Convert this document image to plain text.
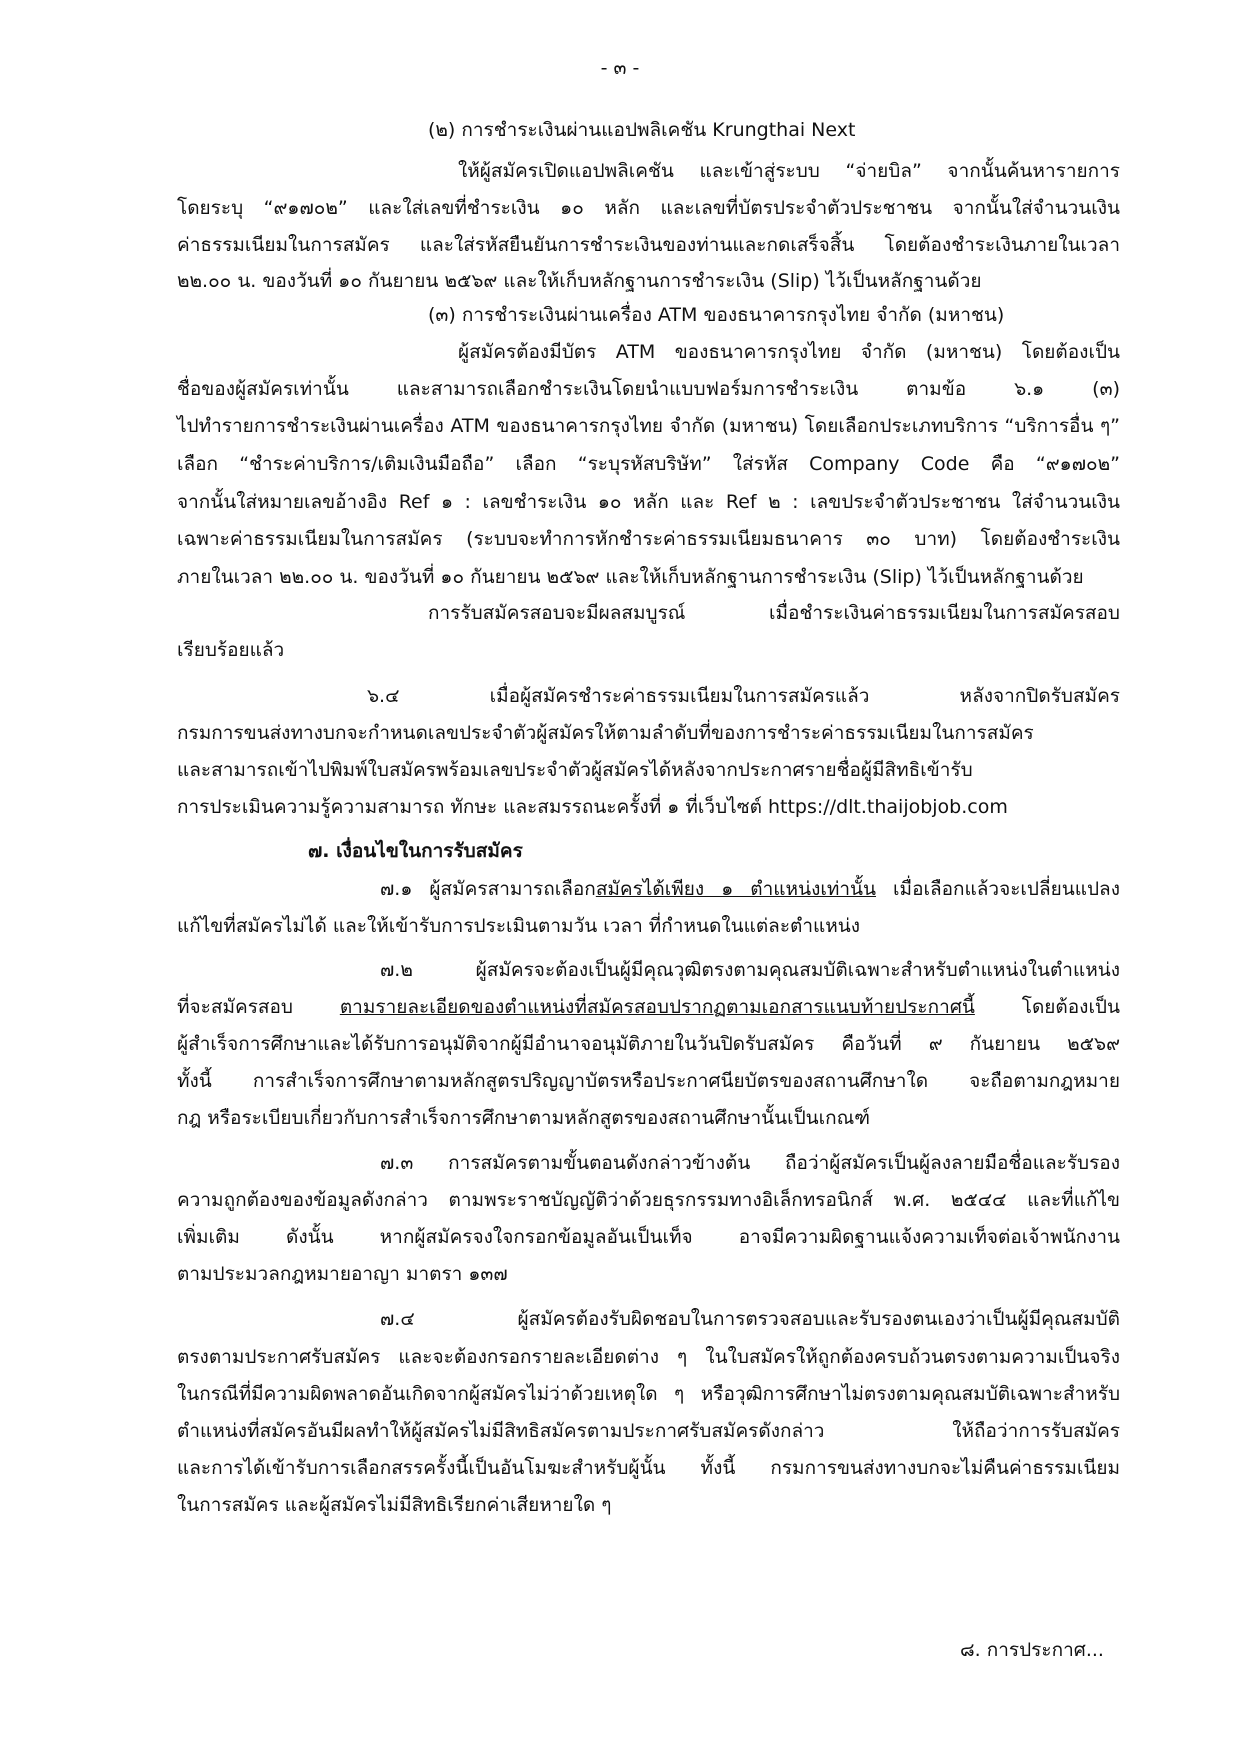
- ๓ -
(๒) การชำระเงินผ่านแอปพลิเคชัน Krungthai Next
ให้ผู้สมัครเปิดแอปพลิเคชัน และเข้าสู่ระบบ “จ่ายบิล” จากนั้นค้นหารายการ
โดยระบุ “๙๑๗๐๒” และใส่เลขที่ชำระเงิน ๑๐ หลัก และเลขที่บัตรประจำตัวประชาชน จากนั้นใส่จำนวนเงิน
ค่าธรรมเนียมในการสมัคร และใส่รหัสยืนยันการชำระเงินของท่านและกดเสร็จสิ้น โดยต้องชำระเงินภายในเวลา
๒๒.๐๐ น. ของวันที่ ๑๐ กันยายน ๒๕๖๙ และให้เก็บหลักฐานการชำระเงิน (Slip) ไว้เป็นหลักฐานด้วย
(๓) การชำระเงินผ่านเครื่อง ATM ของธนาคารกรุงไทย จำกัด (มหาชน)
ผู้สมัครต้องมีบัตร ATM ของธนาคารกรุงไทย จำกัด (มหาชน) โดยต้องเป็น
ชื่อของผู้สมัครเท่านั้น และสามารถเลือกชำระเงินโดยนำแบบฟอร์มการชำระเงิน ตามข้อ ๖.๑ (๓)
ไปทำรายการชำระเงินผ่านเครื่อง ATM ของธนาคารกรุงไทย จำกัด (มหาชน) โดยเลือกประเภทบริการ “บริการอื่น ๆ”
เลือก “ชำระค่าบริการ/เติมเงินมือถือ” เลือก “ระบุรหัสบริษัท” ใส่รหัส Company Code คือ “๙๑๗๐๒”
จากนั้นใส่หมายเลขอ้างอิง Ref ๑ : เลขชำระเงิน ๑๐ หลัก และ Ref ๒ : เลขประจำตัวประชาชน ใส่จำนวนเงิน
เฉพาะค่าธรรมเนียมในการสมัคร (ระบบจะทำการหักชำระค่าธรรมเนียมธนาคาร ๓๐ บาท) โดยต้องชำระเงิน
ภายในเวลา ๒๒.๐๐ น. ของวันที่ ๑๐ กันยายน ๒๕๖๙ และให้เก็บหลักฐานการชำระเงิน (Slip) ไว้เป็นหลักฐานด้วย
การรับสมัครสอบจะมีผลสมบูรณ์ เมื่อชำระเงินค่าธรรมเนียมในการสมัครสอบ
เรียบร้อยแล้ว
๖.๔ เมื่อผู้สมัครชำระค่าธรรมเนียมในการสมัครแล้ว หลังจากปิดรับสมัคร
กรมการขนส่งทางบกจะกำหนดเลขประจำตัวผู้สมัครให้ตามลำดับที่ของการชำระค่าธรรมเนียมในการสมัคร
และสามารถเข้าไปพิมพ์ใบสมัครพร้อมเลขประจำตัวผู้สมัครได้หลังจากประกาศรายชื่อผู้มีสิทธิเข้ารับ
การประเมินความรู้ความสามารถ ทักษะ และสมรรถนะครั้งที่ ๑ ที่เว็บไซต์ https://dlt.thaijobjob.com
๗. เงื่อนไขในการรับสมัคร
๗.๑ ผู้สมัครสามารถเลือกสมัครได้เพียง ๑ ตำแหน่งเท่านั้น เมื่อเลือกแล้วจะเปลี่ยนแปลง
แก้ไขที่สมัครไม่ได้ และให้เข้ารับการประเมินตามวัน เวลา ที่กำหนดในแต่ละตำแหน่ง
๗.๒ ผู้สมัครจะต้องเป็นผู้มีคุณวุฒิตรงตามคุณสมบัติเฉพาะสำหรับตำแหน่งในตำแหน่ง
ที่จะสมัครสอบ ตามรายละเอียดของตำแหน่งที่สมัครสอบปรากฏตามเอกสารแนบท้ายประกาศนี้ โดยต้องเป็น
ผู้สำเร็จการศึกษาและได้รับการอนุมัติจากผู้มีอำนาจอนุมัติภายในวันปิดรับสมัคร คือวันที่ ๙ กันยายน ๒๕๖๙
ทั้งนี้ การสำเร็จการศึกษาตามหลักสูตรปริญญาบัตรหรือประกาศนียบัตรของสถานศึกษาใด จะถือตามกฎหมาย
กฎ หรือระเบียบเกี่ยวกับการสำเร็จการศึกษาตามหลักสูตรของสถานศึกษานั้นเป็นเกณฑ์
๗.๓ การสมัครตามขั้นตอนดังกล่าวข้างต้น ถือว่าผู้สมัครเป็นผู้ลงลายมือชื่อและรับรอง
ความถูกต้องของข้อมูลดังกล่าว ตามพระราชบัญญัติว่าด้วยธุรกรรมทางอิเล็กทรอนิกส์ พ.ศ. ๒๕๔๔ และที่แก้ไข
เพิ่มเติม ดังนั้น หากผู้สมัครจงใจกรอกข้อมูลอันเป็นเท็จ อาจมีความผิดฐานแจ้งความเท็จต่อเจ้าพนักงาน
ตามประมวลกฎหมายอาญา มาตรา ๑๓๗
๗.๔ ผู้สมัครต้องรับผิดชอบในการตรวจสอบและรับรองตนเองว่าเป็นผู้มีคุณสมบัติ
ตรงตามประกาศรับสมัคร และจะต้องกรอกรายละเอียดต่าง ๆ ในใบสมัครให้ถูกต้องครบถ้วนตรงตามความเป็นจริง
ในกรณีที่มีความผิดพลาดอันเกิดจากผู้สมัครไม่ว่าด้วยเหตุใด ๆ หรือวุฒิการศึกษาไม่ตรงตามคุณสมบัติเฉพาะสำหรับ
ตำแหน่งที่สมัครอันมีผลทำให้ผู้สมัครไม่มีสิทธิสมัครตามประกาศรับสมัครดังกล่าว ให้ถือว่าการรับสมัคร
และการได้เข้ารับการเลือกสรรครั้งนี้เป็นอันโมฆะสำหรับผู้นั้น ทั้งนี้ กรมการขนส่งทางบกจะไม่คืนค่าธรรมเนียม
ในการสมัคร และผู้สมัครไม่มีสิทธิเรียกค่าเสียหายใด ๆ
๘. การประกาศ...
